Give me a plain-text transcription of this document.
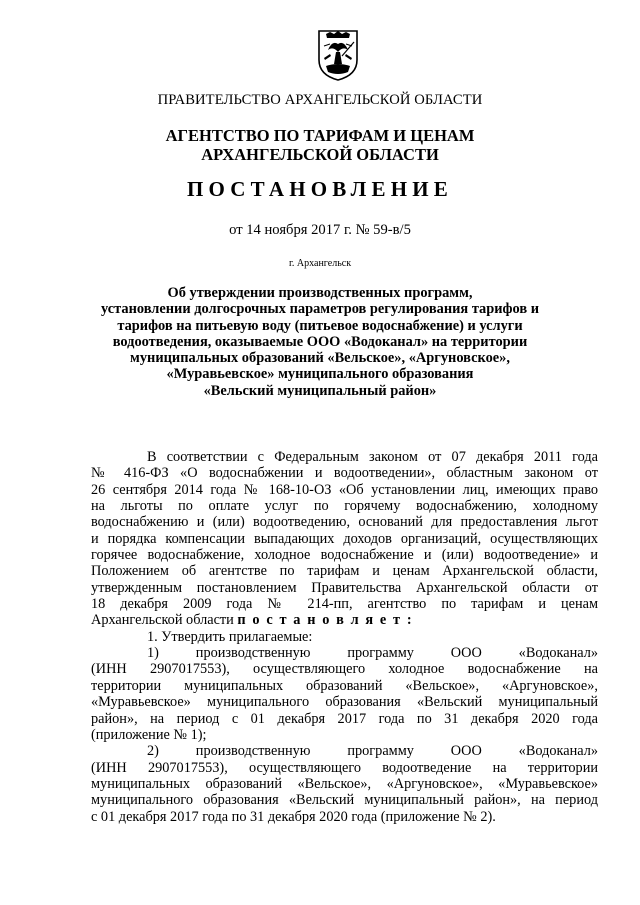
ПРАВИТЕЛЬСТВО АРХАНГЕЛЬСКОЙ ОБЛАСТИ
АГЕНТСТВО ПО ТАРИФАМ И ЦЕНАМ
АРХАНГЕЛЬСКОЙ ОБЛАСТИ
ПОСТАНОВЛЕНИЕ
от 14 ноября 2017 г. № 59-в/5
г. Архангельск
Об утверждении производственных программ,
установлении долгосрочных параметров регулирования тарифов и
тарифов на питьевую воду (питьевое водоснабжение) и услуги
водоотведения, оказываемые ООО «Водоканал» на территории
муниципальных образований «Вельское», «Аргуновское»,
«Муравьевское» муниципального образования
«Вельский муниципальный район»

В соответствии с Федеральным законом от 07 декабря 2011 года

№ 416-ФЗ «О водоснабжении и водоотведении», областным законом от

26 сентября 2014 года № 168-10-ОЗ «Об установлении лиц, имеющих право

на льготы по оплате услуг по горячему водоснабжению, холодному

водоснабжению и (или) водоотведению, оснований для предоставления льгот

и порядка компенсации выпадающих доходов организаций, осуществляющих

горячее водоснабжение, холодное водоснабжение и (или) водоотведение» и

Положением об агентстве по тарифам и ценам Архангельской области,

утвержденным постановлением Правительства Архангельской области от

18 декабря 2009 года № 214-пп, агентство по тарифам и ценам

Архангельской области п о с т а н о в л я е т :

1. Утвердить прилагаемые:

1) производственную программу ООО «Водоканал»

(ИНН 2907017553), осуществляющего холодное водоснабжение на

территории муниципальных образований «Вельское», «Аргуновское»,

«Муравьевское» муниципального образования «Вельский муниципальный

район», на период с 01 декабря 2017 года по 31 декабря 2020 года

(приложение № 1);

2) производственную программу ООО «Водоканал»

(ИНН 2907017553), осуществляющего водоотведение на территории

муниципальных образований «Вельское», «Аргуновское», «Муравьевское»

муниципального образования «Вельский муниципальный район», на период

с 01 декабря 2017 года по 31 декабря 2020 года (приложение № 2).
